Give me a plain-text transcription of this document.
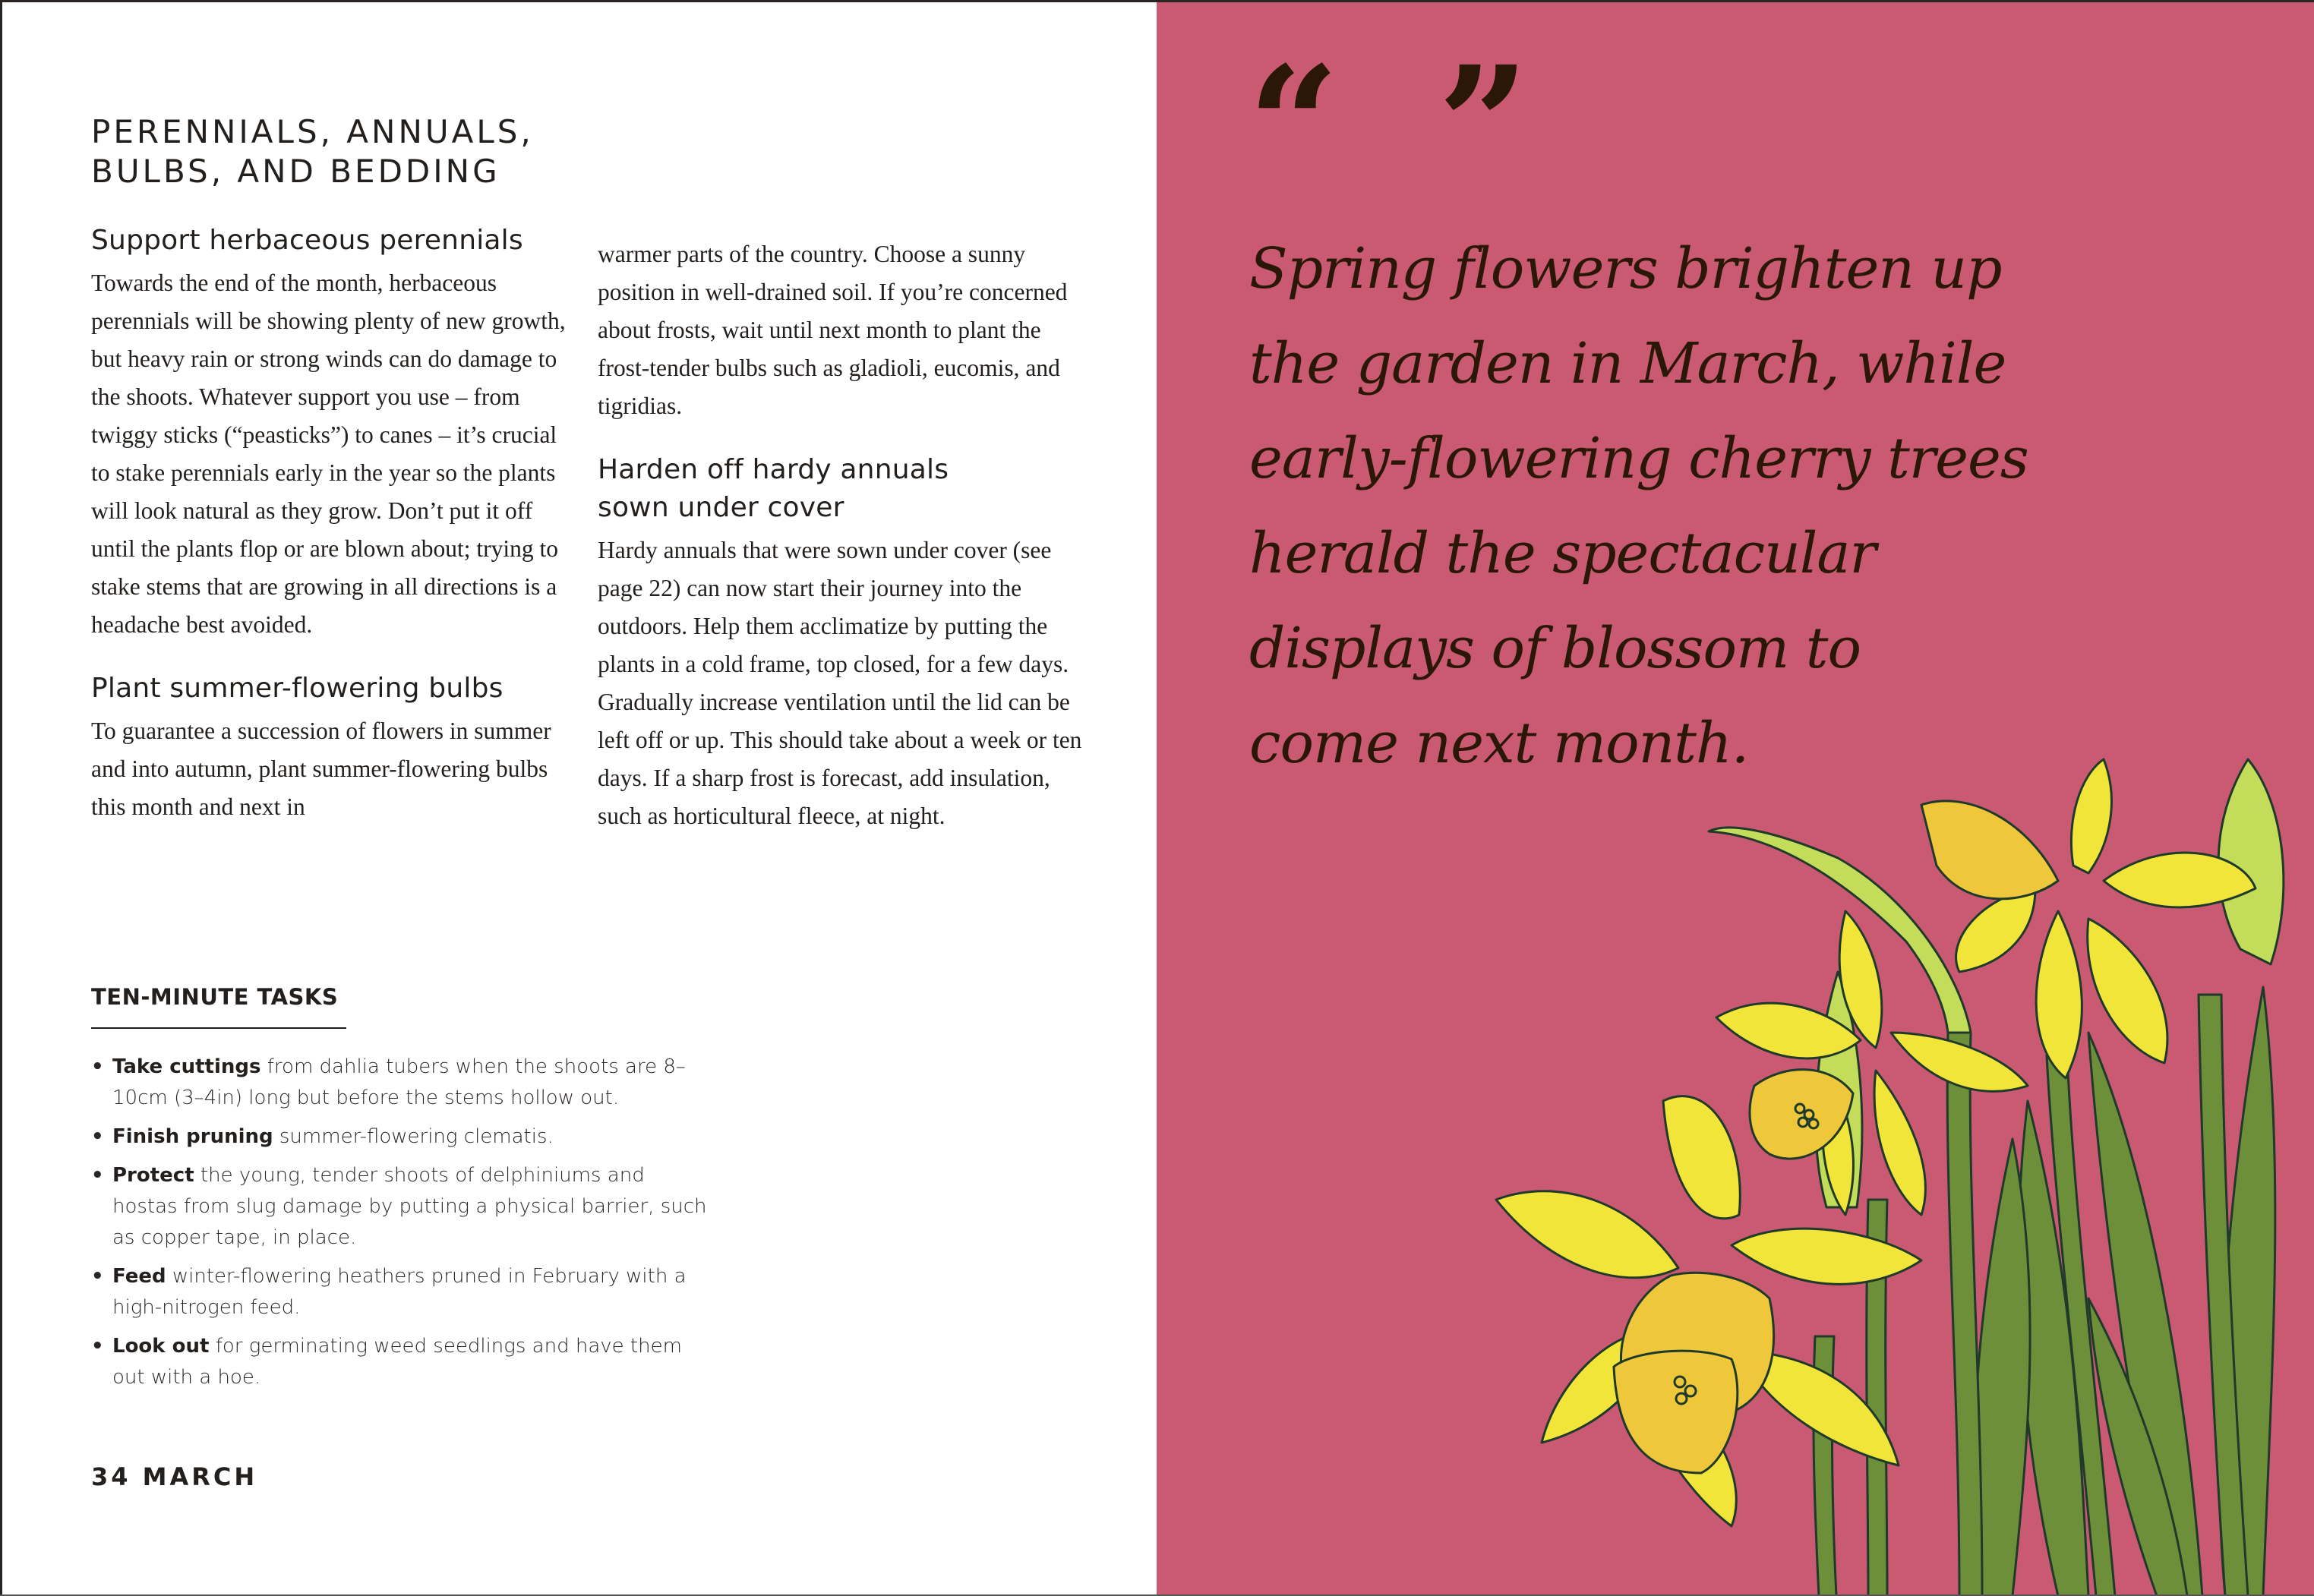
PERENNIALS, ANNUALS,
BULBS, AND BEDDING
Support herbaceous perennials

Towards the end of the month, herbaceous perennials will be showing plenty of new growth, but heavy rain or strong winds can do damage to the shoots. Whatever support you use – from twiggy sticks (“peasticks”) to canes – it’s crucial to stake perennials early in the year so the plants will look natural as they grow. Don’t put it off until the plants flop or are blown about; trying to stake stems that are growing in all directions is a headache best avoided.

Plant summer-flowering bulbs

To guarantee a succession of flowers in summer and into autumn, plant summer-flowering bulbs this month and next in

warmer parts of the country. Choose a sunny position in well-drained soil. If you’re concerned about frosts, wait until next month to plant the frost-tender bulbs such as gladioli, eucomis, and tigridias.

Harden off hardy annuals
sown under cover

Hardy annuals that were sown under cover (see page 22) can now start their journey into the outdoors. Help them acclimatize by putting the plants in a cold frame, top closed, for a few days. Gradually increase ventilation until the lid can be left off or up. This should take about a week or ten days. If a sharp frost is forecast, add insulation, such as horticultural fleece, at night.

TEN-MINUTE TASKS
• Take cuttings from dahlia tubers when the shoots are 8–10cm (3–4in) long but before the stems hollow out.
• Finish pruning summer-flowering clematis.
• Protect the young, tender shoots of delphiniums and hostas from slug damage by putting a physical barrier, such as copper tape, in place.
• Feed winter-flowering heathers pruned in February with a high-nitrogen feed.
• Look out for germinating weed seedlings and have them out with a hoe.
34 MARCH
“ ”
Spring flowers brighten up
the garden in March, while
early-flowering cherry trees
herald the spectacular
displays of blossom to
come next month.
